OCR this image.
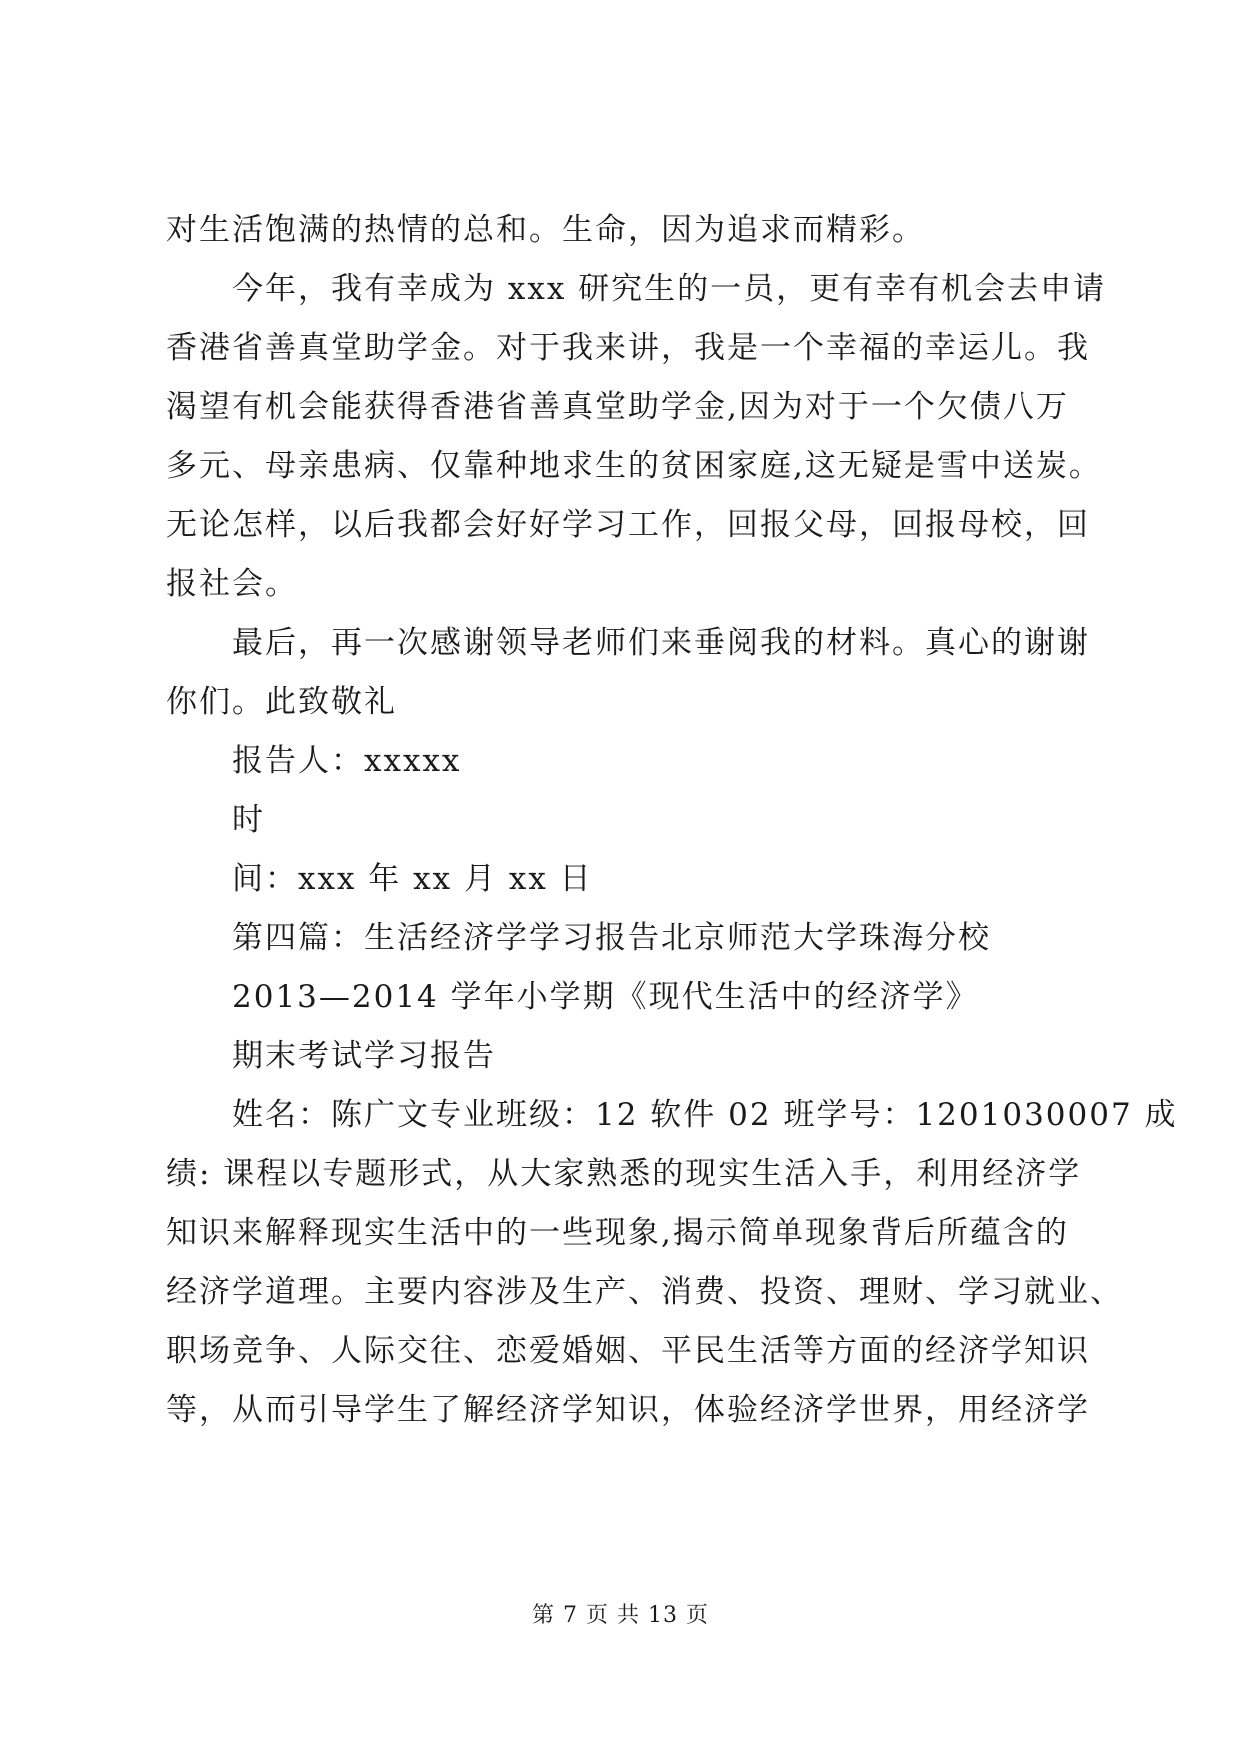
对生活饱满的热情的总和。生命，因为追求而精彩。
今年，我有幸成为 xxx 研究生的一员，更有幸有机会去申请
香港省善真堂助学金。对于我来讲，我是一个幸福的幸运儿。我
渴望有机会能获得香港省善真堂助学金,因为对于一个欠债八万
多元、母亲患病、仅靠种地求生的贫困家庭,这无疑是雪中送炭。
无论怎样，以后我都会好好学习工作，回报父母，回报母校，回
报社会。
最后，再一次感谢领导老师们来垂阅我的材料。真心的谢谢
你们。此致敬礼
报告人：xxxxx
时
间：xxx 年 xx 月 xx 日
第四篇：生活经济学学习报告北京师范大学珠海分校
2013—2014 学年小学期《现代生活中的经济学》
期末考试学习报告
姓名：陈广文专业班级：12 软件 02 班学号：1201030007 成
绩: 课程以专题形式，从大家熟悉的现实生活入手，利用经济学
知识来解释现实生活中的一些现象,揭示简单现象背后所蕴含的
经济学道理。主要内容涉及生产、消费、投资、理财、学习就业、
职场竞争、人际交往、恋爱婚姻、平民生活等方面的经济学知识
等，从而引导学生了解经济学知识，体验经济学世界，用经济学
第 7 页 共 13 页
